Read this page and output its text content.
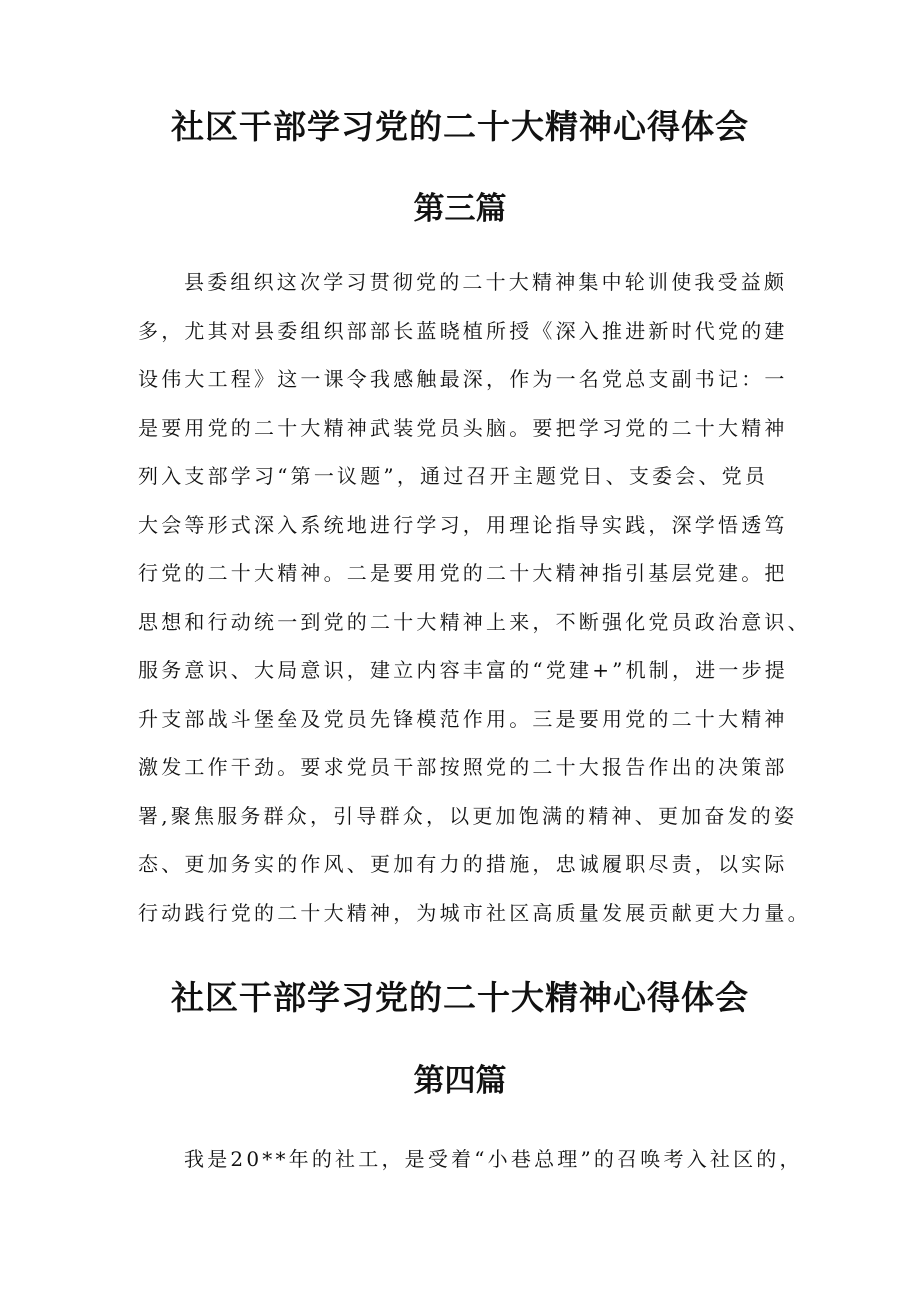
社区干部学习党的二十大精神心得体会
第三篇
县委组织这次学习贯彻党的二十大精神集中轮训使我受益颇
多，尤其对县委组织部部长蓝晓植所授《深入推进新时代党的建
设伟大工程》这一课令我感触最深，作为一名党总支副书记：一
是要用党的二十大精神武装党员头脑。要把学习党的二十大精神
列入支部学习“第一议题”，通过召开主题党日、支委会、党员
大会等形式深入系统地进行学习，用理论指导实践，深学悟透笃
行党的二十大精神。二是要用党的二十大精神指引基层党建。把
思想和行动统一到党的二十大精神上来，不断强化党员政治意识、
服务意识、大局意识，建立内容丰富的“党建+”机制，进一步提
升支部战斗堡垒及党员先锋模范作用。三是要用党的二十大精神
激发工作干劲。要求党员干部按照党的二十大报告作出的决策部
署,聚焦服务群众，引导群众，以更加饱满的精神、更加奋发的姿
态、更加务实的作风、更加有力的措施，忠诚履职尽责，以实际
行动践行党的二十大精神，为城市社区高质量发展贡献更大力量。
社区干部学习党的二十大精神心得体会
第四篇
我是20**年的社工，是受着“小巷总理”的召唤考入社区的，
